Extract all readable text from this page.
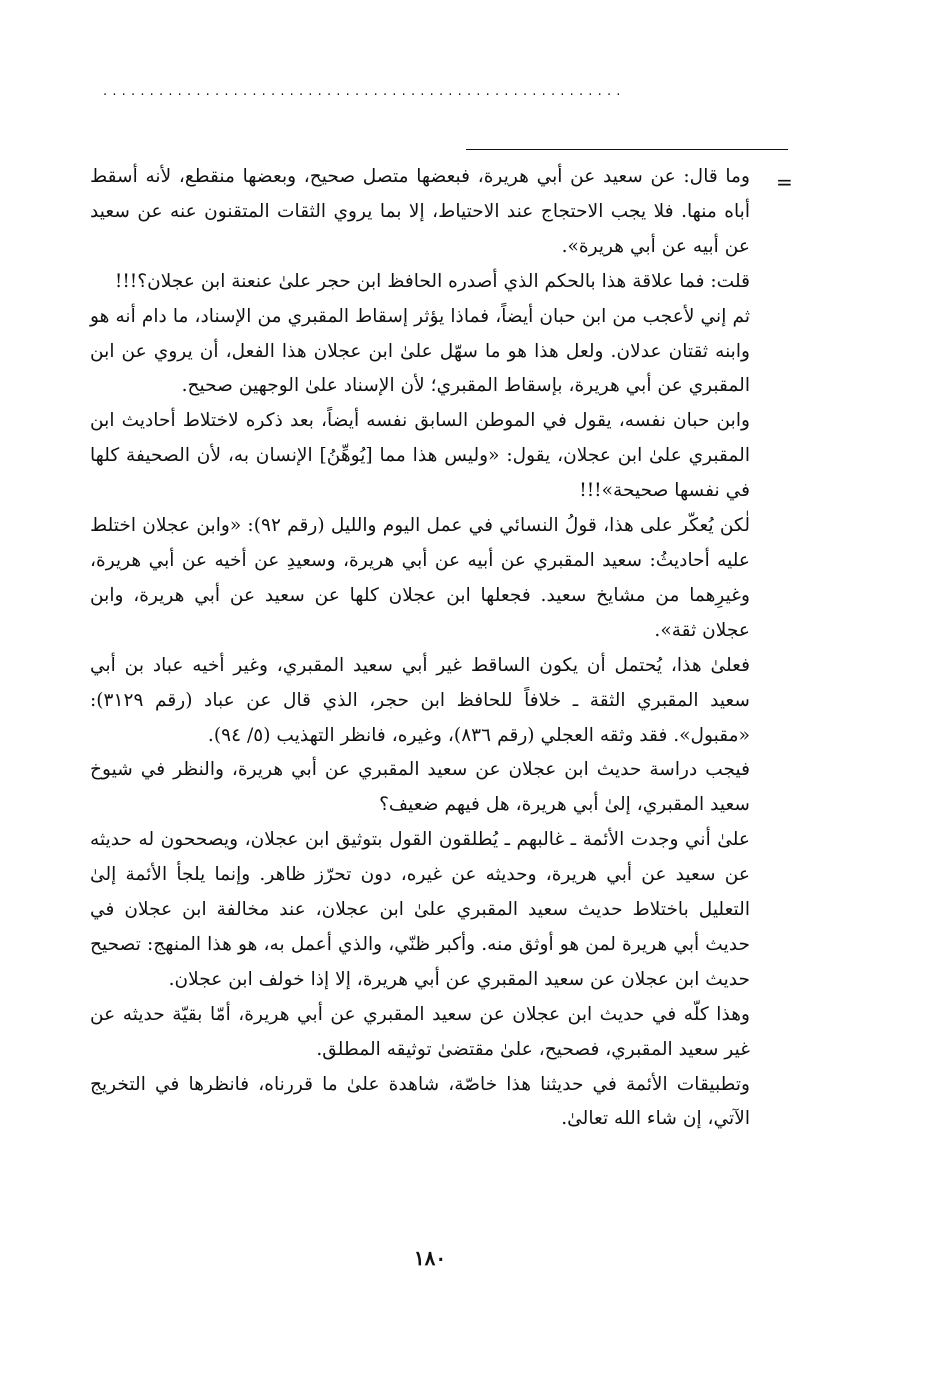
........................................................
=

وما قال: عن سعيد عن أبي هريرة، فبعضها متصل صحيح، وبعضها منقطع، لأنه أسقط أباه منها. فلا يجب الاحتجاج عند الاحتياط، إلا بما يروي الثقات المتقنون عنه عن سعيد عن أبيه عن أبي هريرة».

قلت: فما علاقة هذا بالحكم الذي أصدره الحافظ ابن حجر علىٰ عنعنة ابن عجلان؟!!!

ثم إني لأعجب من ابن حبان أيضاً، فماذا يؤثر إسقاط المقبري من الإسناد، ما دام أنه هو وابنه ثقتان عدلان. ولعل هذا هو ما سهّل علىٰ ابن عجلان هذا الفعل، أن يروي عن ابن المقبري عن أبي هريرة، بإسقاط المقبري؛ لأن الإسناد علىٰ الوجهين صحيح.

وابن حبان نفسه، يقول في الموطن السابق نفسه أيضاً، بعد ذكره لاختلاط أحاديث ابن المقبري علىٰ ابن عجلان، يقول: «وليس هذا مما [يُوهِّنُ] الإنسان به، لأن الصحيفة كلها في نفسها صحيحة»!!!

لٰكن يُعكّر على هذا، قولُ النسائي في عمل اليوم والليل (رقم ٩٢): «وابن عجلان اختلط عليه أحاديثُ: سعيد المقبري عن أبيه عن أبي هريرة، وسعيدِ عن أخيه عن أبي هريرة، وغيرِهما من مشايخ سعيد. فجعلها ابن عجلان كلها عن سعيد عن أبي هريرة، وابن عجلان ثقة».

فعلىٰ هذا، يُحتمل أن يكون الساقط غير أبي سعيد المقبري، وغير أخيه عباد بن أبي سعيد المقبري الثقة ـ خلافاً للحافظ ابن حجر، الذي قال عن عباد (رقم ٣١٢٩): «مقبول». فقد وثقه العجلي (رقم ٨٣٦)، وغيره، فانظر التهذيب (٥/ ٩٤).

فيجب دراسة حديث ابن عجلان عن سعيد المقبري عن أبي هريرة، والنظر في شيوخ سعيد المقبري، إلىٰ أبي هريرة، هل فيهم ضعيف؟

علىٰ أني وجدت الأئمة ـ غالبهم ـ يُطلقون القول بتوثيق ابن عجلان، ويصححون له حديثه عن سعيد عن أبي هريرة، وحديثه عن غيره، دون تحرّز ظاهر. وإنما يلجأ الأئمة إلىٰ التعليل باختلاط حديث سعيد المقبري علىٰ ابن عجلان، عند مخالفة ابن عجلان في حديث أبي هريرة لمن هو أوثق منه. وأكبر ظنّي، والذي أعمل به، هو هذا المنهج: تصحيح حديث ابن عجلان عن سعيد المقبري عن أبي هريرة، إلا إذا خولف ابن عجلان.

وهذا كلّه في حديث ابن عجلان عن سعيد المقبري عن أبي هريرة، أمّا بقيّة حديثه عن غير سعيد المقبري، فصحيح، علىٰ مقتضىٰ توثيقه المطلق.

وتطبيقات الأئمة في حديثنا هذا خاصّة، شاهدة علىٰ ما قررناه، فانظرها في التخريج الآتي، إن شاء الله تعالىٰ.

١٨٠
